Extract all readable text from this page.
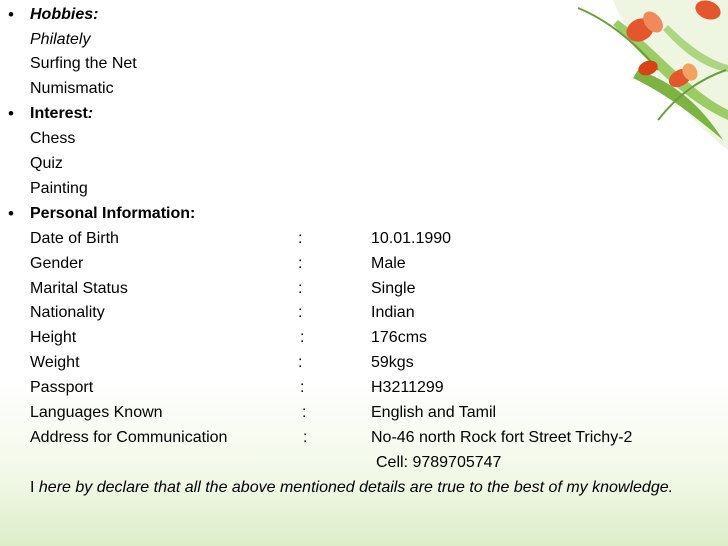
• Hobbies:
Philately
Surfing the Net
Numismatic
• Interest:
Chess
Quiz
Painting
• Personal Information:
Date of Birth	:	10.01.1990
Gender	:	Male
Marital Status	:	Single
Nationality	:	Indian
Height	:	176cms
Weight	:	59kgs
Passport	:	H3211299
Languages Known	:	English and Tamil
Address for Communication	:	No-46 north Rock fort Street Trichy-2
Cell: 9789705747
I here by declare that all the above mentioned details are true to the best of my knowledge.
